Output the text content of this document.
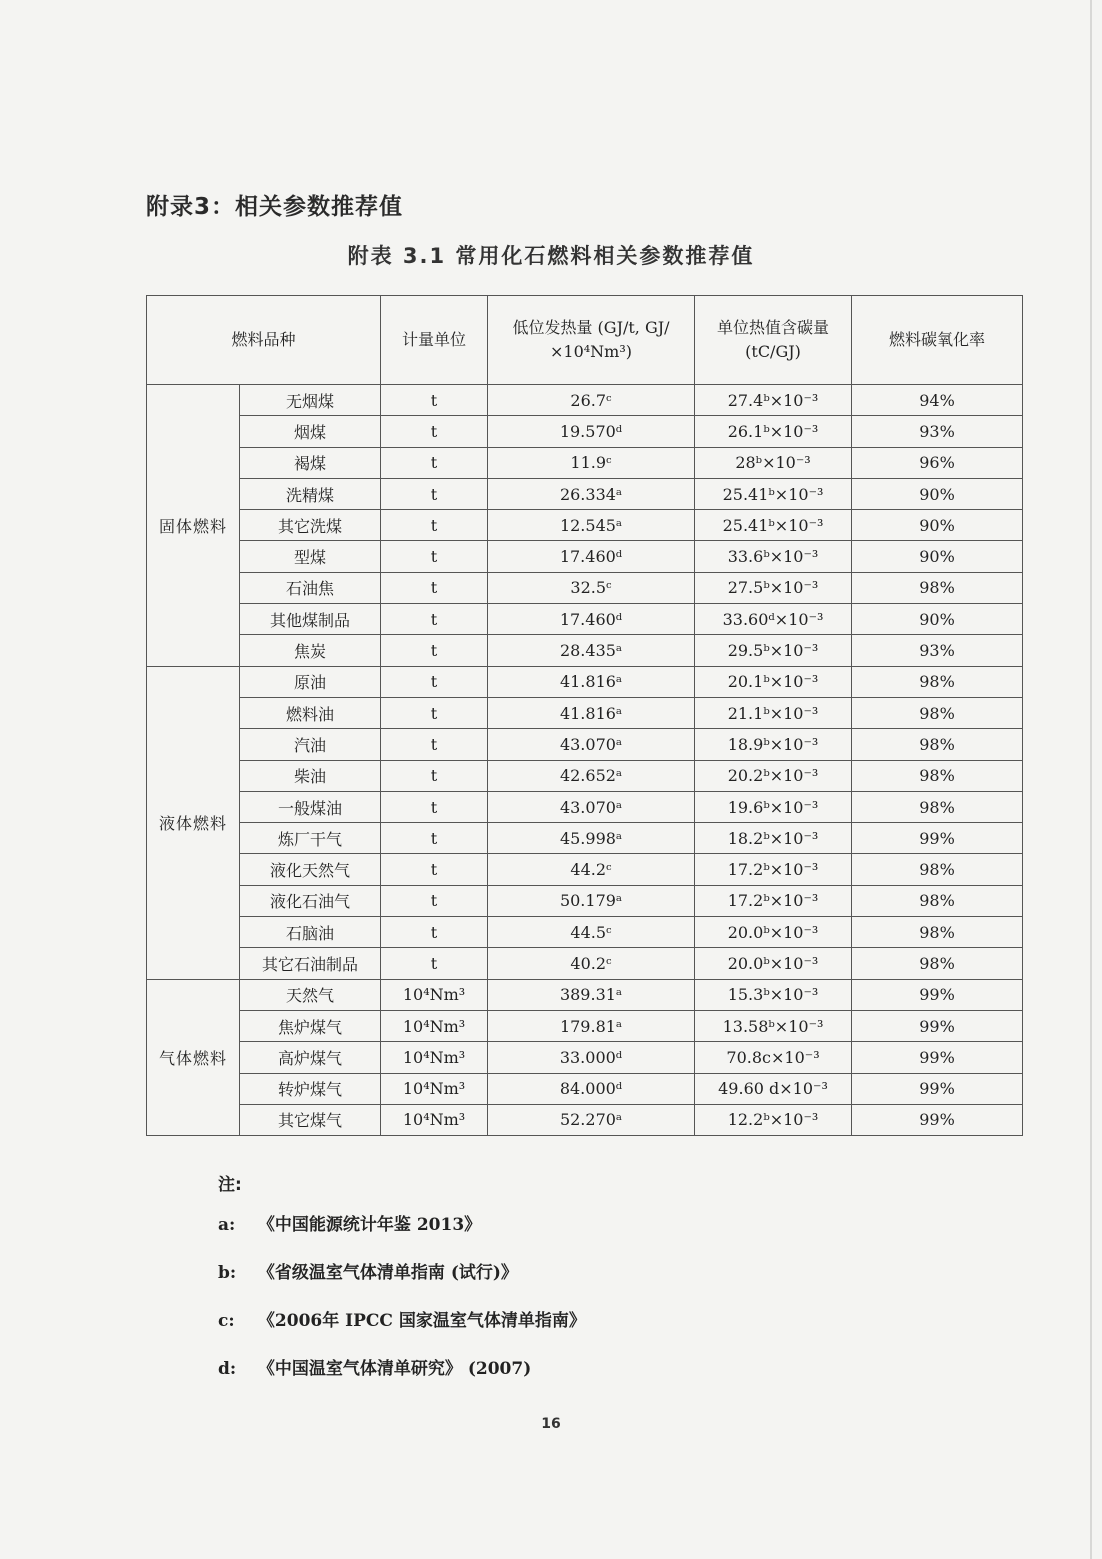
附录3：相关参数推荐值
附表 3.1 常用化石燃料相关参数推荐值
燃料品种		计量单位	低位发热量 (GJ/t, GJ/×10⁴Nm³)	单位热值含碳量 (tC/GJ)	燃料碳氧化率
固体燃料	无烟煤	t	26.7ᶜ	27.4ᵇ×10⁻³	94%
	烟煤	t	19.570ᵈ	26.1ᵇ×10⁻³	93%
	褐煤	t	11.9ᶜ	28ᵇ×10⁻³	96%
	洗精煤	t	26.334ᵃ	25.41ᵇ×10⁻³	90%
	其它洗煤	t	12.545ᵃ	25.41ᵇ×10⁻³	90%
	型煤	t	17.460ᵈ	33.6ᵇ×10⁻³	90%
	石油焦	t	32.5ᶜ	27.5ᵇ×10⁻³	98%
	其他煤制品	t	17.460ᵈ	33.60ᵈ×10⁻³	90%
	焦炭	t	28.435ᵃ	29.5ᵇ×10⁻³	93%
液体燃料	原油	t	41.816ᵃ	20.1ᵇ×10⁻³	98%
	燃料油	t	41.816ᵃ	21.1ᵇ×10⁻³	98%
	汽油	t	43.070ᵃ	18.9ᵇ×10⁻³	98%
	柴油	t	42.652ᵃ	20.2ᵇ×10⁻³	98%
	一般煤油	t	43.070ᵃ	19.6ᵇ×10⁻³	98%
	炼厂干气	t	45.998ᵃ	18.2ᵇ×10⁻³	99%
	液化天然气	t	44.2ᶜ	17.2ᵇ×10⁻³	98%
	液化石油气	t	50.179ᵃ	17.2ᵇ×10⁻³	98%
	石脑油	t	44.5ᶜ	20.0ᵇ×10⁻³	98%
	其它石油制品	t	40.2ᶜ	20.0ᵇ×10⁻³	98%
气体燃料	天然气	10⁴Nm³	389.31ᵃ	15.3ᵇ×10⁻³	99%
	焦炉煤气	10⁴Nm³	179.81ᵃ	13.58ᵇ×10⁻³	99%
	高炉煤气	10⁴Nm³	33.000ᵈ	70.8c×10⁻³	99%
	转炉煤气	10⁴Nm³	84.000ᵈ	49.60 d×10⁻³	99%
	其它煤气	10⁴Nm³	52.270ᵃ	12.2ᵇ×10⁻³	99%
注:
a: 《中国能源统计年鉴 2013》
b: 《省级温室气体清单指南 (试行)》
c: 《2006年 IPCC 国家温室气体清单指南》
d: 《中国温室气体清单研究》 (2007)
16
